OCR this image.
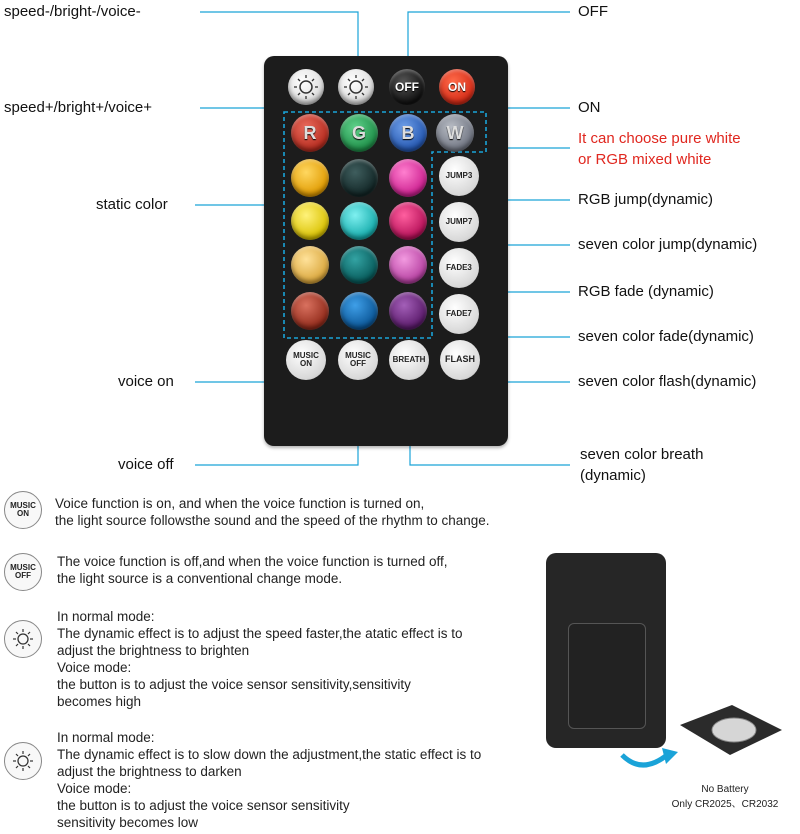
speed-/bright-/voice-
speed+/bright+/voice+
static color
voice on
voice off
OFF
ON
It can choose pure white
or RGB mixed white
RGB jump(dynamic)
seven color jump(dynamic)
RGB fade (dynamic)
seven color fade(dynamic)
seven color flash(dynamic)
seven color breath
(dynamic)
OFF	ON
R	G	B	W
JUMP3
JUMP7
FADE3
FADE7
MUSIC
ON
MUSIC
OFF	BREATH	FLASH
MUSIC
ON
Voice function is on, and when the voice function is turned on,
the light source followsthe sound and the speed of the rhythm to change.
MUSIC
OFF
The voice function is off,and when the voice function is turned off,
the light source is a conventional change mode.
In normal mode:
The dynamic effect is to adjust the speed faster,the atatic effect is to
adjust the brightness to brighten
Voice mode:
the button is to adjust the voice sensor sensitivity,sensitivity
becomes high
In normal mode:
The dynamic effect is to slow down the adjustment,the static effect is to
adjust the brightness to darken
Voice mode:
the button is to adjust the voice sensor sensitivity
sensitivity becomes low
No Battery
Only CR2025、CR2032
